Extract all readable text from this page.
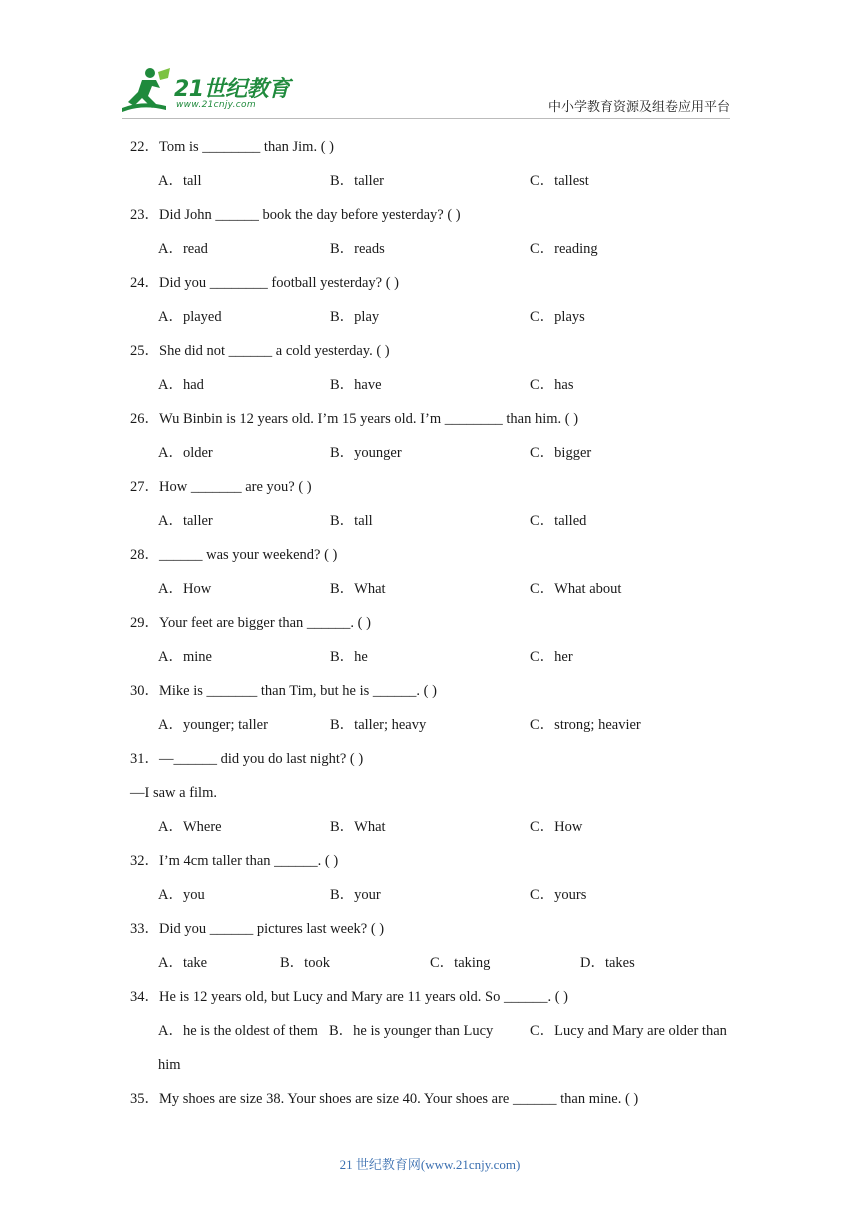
21世纪教育
www.21cnjy.com	中小学教育资源及组卷应用平台
22．Tom is ________ than Jim. ( )
A．tall	B．taller	C．tallest
23．Did John ______ book the day before yesterday? ( )
A．read	B．reads	C．reading
24．Did you ________ football yesterday? ( )
A．played	B．play	C．plays
25．She did not ______ a cold yesterday. ( )
A．had	B．have	C．has
26．Wu Binbin is 12 years old. I’m 15 years old. I’m ________ than him. ( )
A．older	B．younger	C．bigger
27．How _______ are you? ( )
A．taller	B．tall	C．talled
28．______ was your weekend? ( )
A．How	B．What	C．What about
29．Your feet are bigger than ______. ( )
A．mine	B．he	C．her
30．Mike is _______ than Tim, but he is ______. ( )
A．younger; taller	B．taller; heavy	C．strong; heavier
31．—______ did you do last night? ( )
—I saw a film.
A．Where	B．What	C．How
32．I’m 4cm taller than ______. ( )
A．you	B．your	C．yours
33．Did you ______ pictures last week? ( )
A．take	B．took	C．taking	D．takes
34．He is 12 years old, but Lucy and Mary are 11 years old. So ______. ( )
A．he is the oldest of them B．he is younger than Lucy	C．Lucy and Mary are older than
him
35．My shoes are size 38. Your shoes are size 40. Your shoes are ______ than mine. ( )
21 世纪教育网(www.21cnjy.com)
